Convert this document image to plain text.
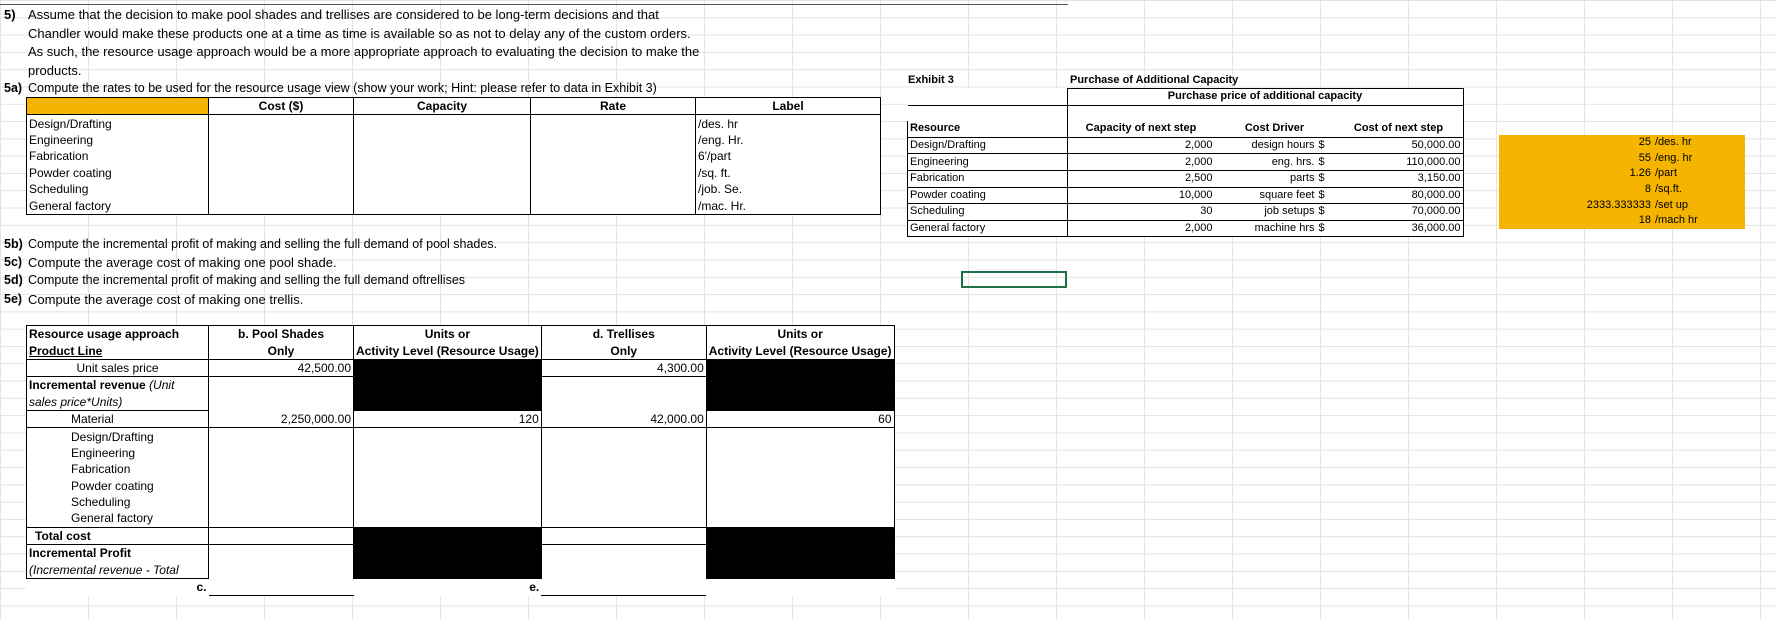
5) Assume that the decision to make pool shades and trellises are considered to be long-term decisions and that
Chandler would make these products one at a time as time is available so as not to delay any of the custom orders.
As such, the resource usage approach would be a more appropriate approach to evaluating the decision to make the
products.
5a) Compute the rates to be used for the resource usage view (show your work; Hint: please refer to data in Exhibit 3)
	Cost ($)	Capacity	Rate	Label
Design/Drafting				/des. hr
Engineering				/eng. Hr.
Fabrication				6'/part
Powder coating				/sq. ft.
Scheduling				/job. Se.
General factory				/mac. Hr.
Exhibit 3	Purchase of Additional Capacity
	Purchase price of additional capacity			

Resource	Capacity of next step	Cost Driver		Cost of next step
Design/Drafting	2,000	design hours	$	50,000.00
Engineering	2,000	eng. hrs.	$	110,000.00
Fabrication	2,500	parts	$	3,150.00
Powder coating	10,000	square feet	$	80,000.00
Scheduling	30	job setups	$	70,000.00
General factory	2,000	machine hrs	$	36,000.00
25	/des. hr
55	/eng. hr
1.26	/part
8	/sq.ft.
2333.333333	/set up
18	/mach hr
5b) Compute the incremental profit of making and selling the full demand of pool shades.
5c) Compute the average cost of making one pool shade.
5d) Compute the incremental profit of making and selling the full demand oftrellises
5e) Compute the average cost of making one trellis.
Resource usage approach	b. Pool Shades	Units or	d. Trellises	Units or
Product Line	Only	Activity Level (Resource Usage)	Only	Activity Level (Resource Usage)
Unit sales price	42,500.00		4,300.00	
Incremental revenue (Unit				
sales price*Units)				
Material	2,250,000.00	120	42,000.00	60
Design/Drafting				
Engineering				
Fabrication				
Powder coating				
Scheduling				
General factory				
Total cost				
Incremental Profit				
(Incremental revenue - Total				
c.		e.		
